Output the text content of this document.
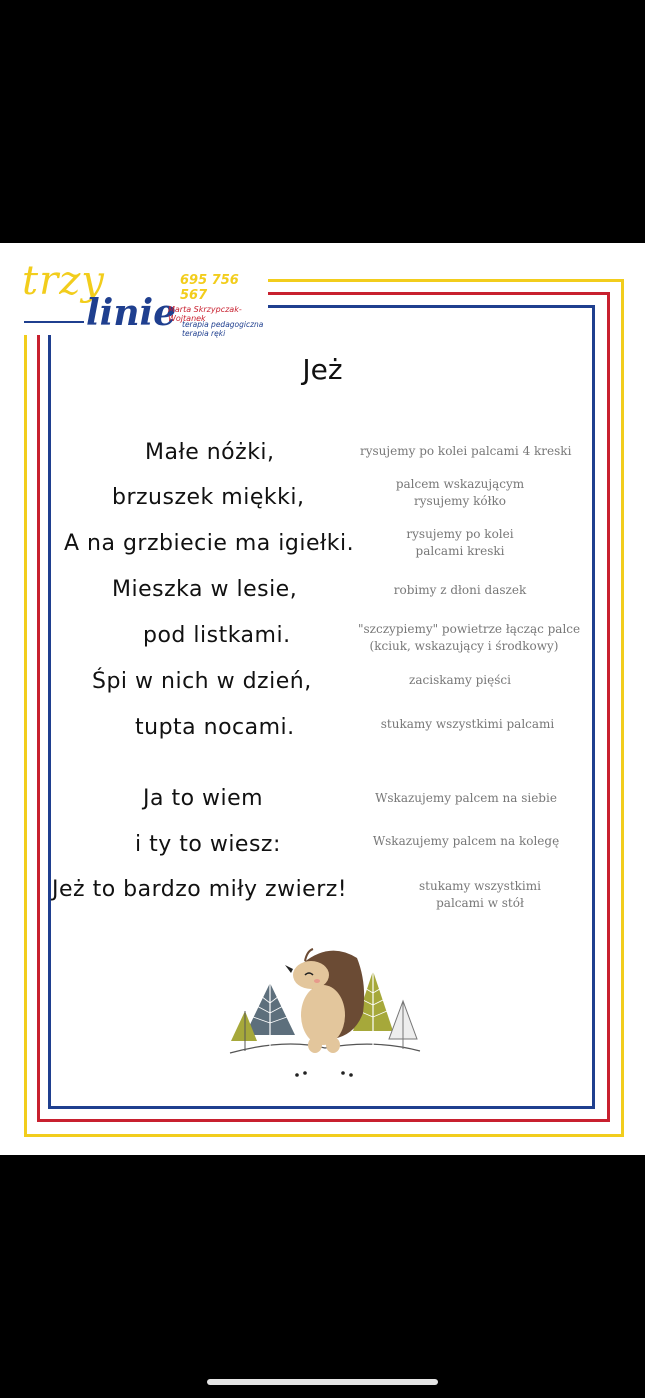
trzy
linie
695 756 567
Marta Skrzypczak-Wojtanek
terapia pedagogiczna
terapia ręki
Jeż
Małe nóżki,
brzuszek miękki,
A na grzbiecie ma igiełki.
Mieszka w lesie,
pod listkami.
Śpi w nich w dzień,
tupta nocami.
Ja to wiem
i ty to wiesz:
Jeż to bardzo miły zwierz!
rysujemy po kolei palcami 4 kreski
palcem wskazującym
rysujemy kółko
rysujemy po kolei
palcami kreski
robimy z dłoni daszek
"szczypiemy" powietrze łącząc palce
(kciuk, wskazujący i środkowy)
zaciskamy pięści
stukamy wszystkimi palcami
Wskazujemy palcem na siebie
Wskazujemy palcem na kolegę
stukamy wszystkimi
palcami w stół
